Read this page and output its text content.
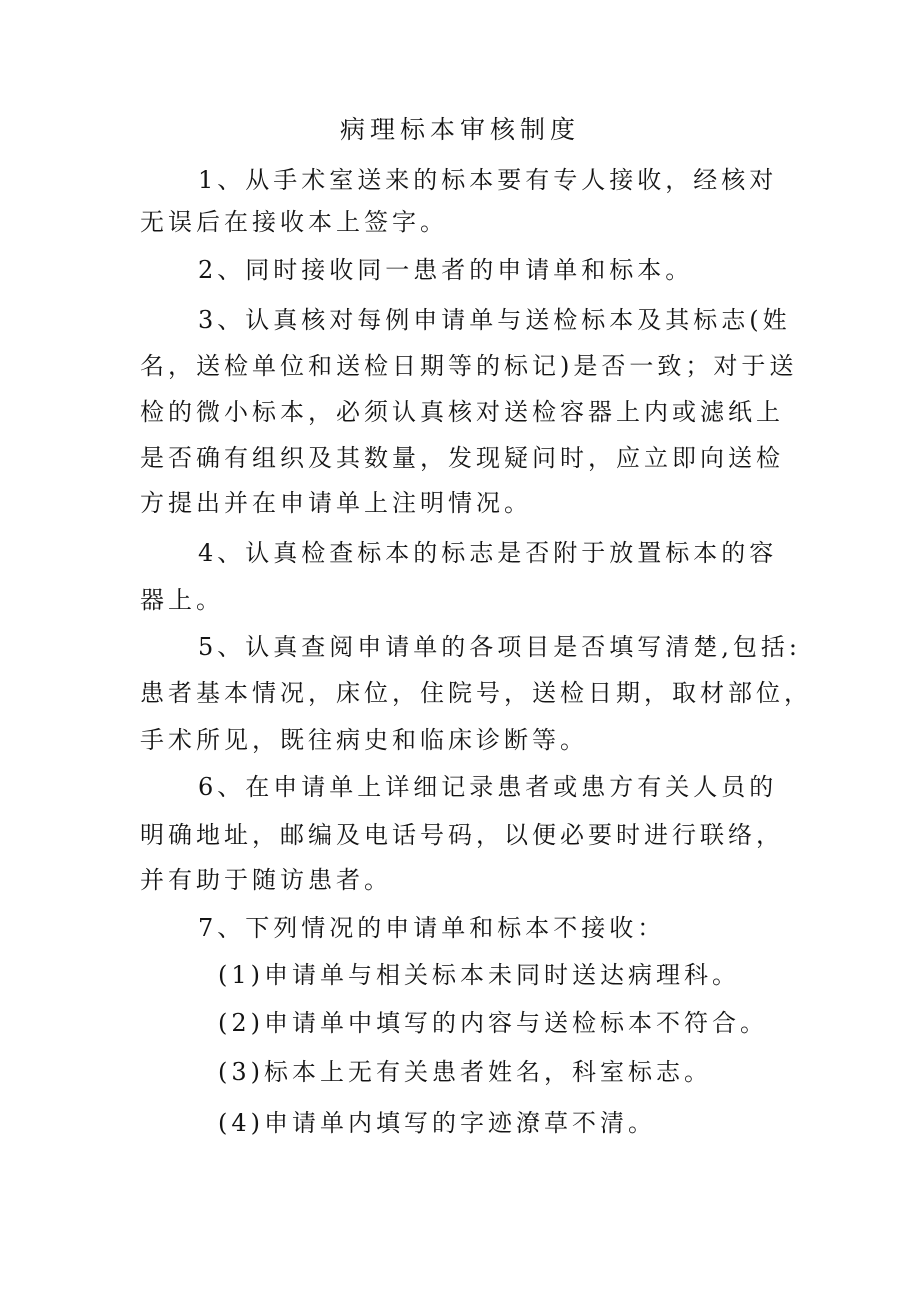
病理标本审核制度
1、从手术室送来的标本要有专人接收，经核对
无误后在接收本上签字。
2、同时接收同一患者的申请单和标本。
3、认真核对每例申请单与送检标本及其标志(姓
名，送检单位和送检日期等的标记)是否一致；对于送
检的微小标本，必须认真核对送检容器上内或滤纸上
是否确有组织及其数量，发现疑问时，应立即向送检
方提出并在申请单上注明情况。
4、认真检查标本的标志是否附于放置标本的容
器上。
5、认真查阅申请单的各项目是否填写清楚,包括:
患者基本情况，床位，住院号，送检日期，取材部位，
手术所见，既往病史和临床诊断等。
6、在申请单上详细记录患者或患方有关人员的
明确地址，邮编及电话号码，以便必要时进行联络，
并有助于随访患者。
7、下列情况的申请单和标本不接收：
(1)申请单与相关标本未同时送达病理科。
(2)申请单中填写的内容与送检标本不符合。
(3)标本上无有关患者姓名，科室标志。
(4)申请单内填写的字迹潦草不清。
